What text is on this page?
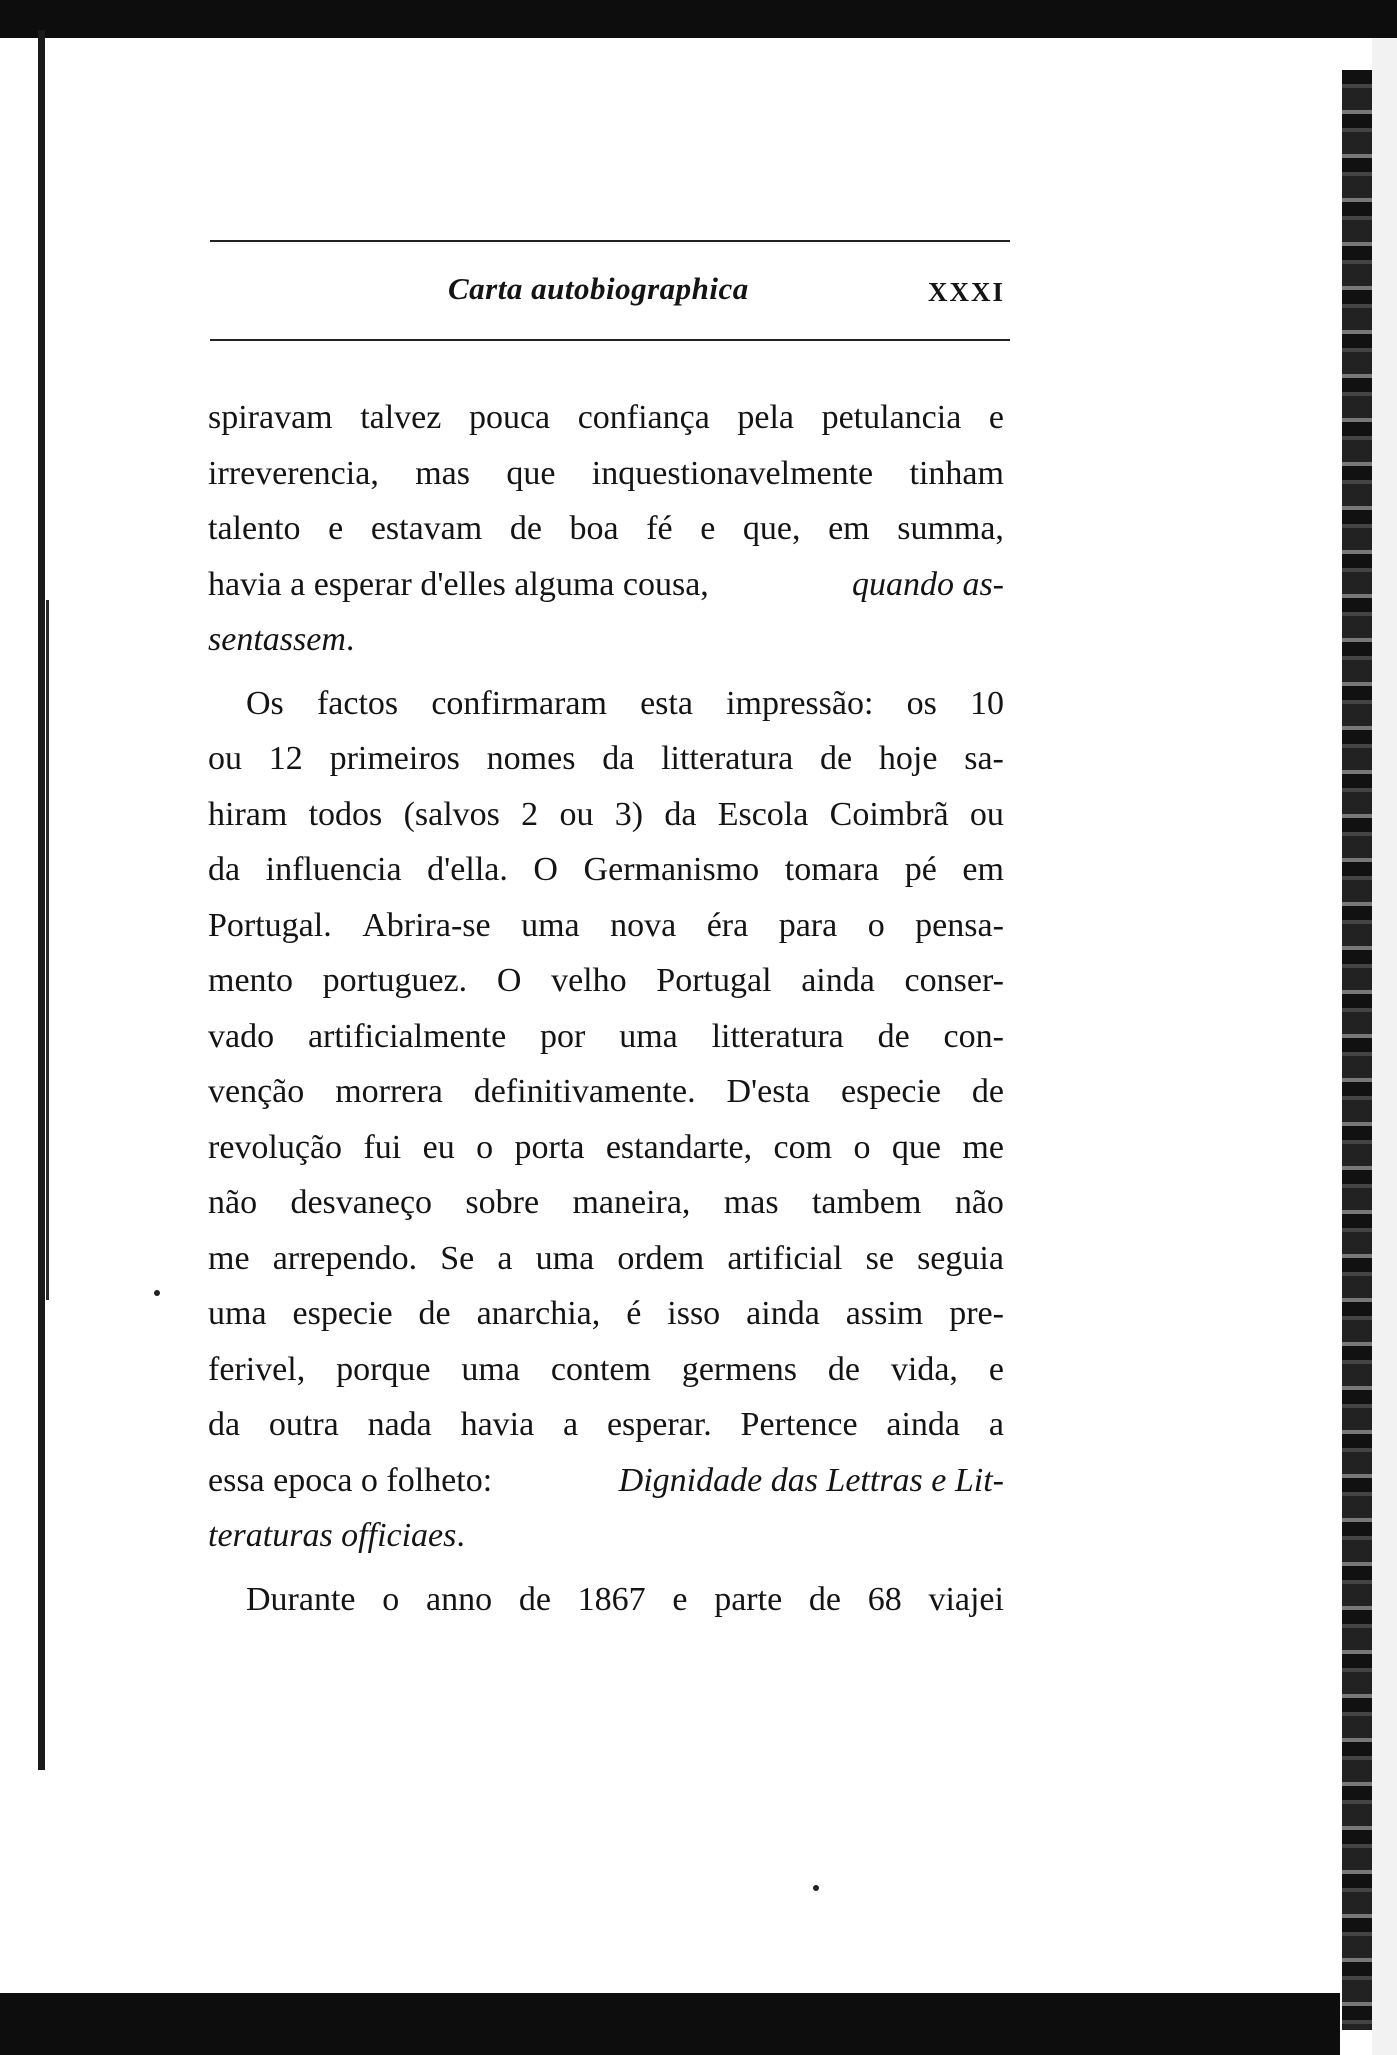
Carta autobiographica	XXXI
spiravam talvez pouca confiança pela petulancia e
irreverencia, mas que inquestionavelmente tinham
talento e estavam de boa fé e que, em summa,
havia a esperar d'elles alguma cousa,	quando as-
sentassem .
Os factos confirmaram esta impressão: os 10
ou 12 primeiros nomes da litteratura de hoje sa-
hiram todos (salvos 2 ou 3) da Escola Coimbrã ou
da influencia d'ella. O Germanismo tomara pé em
Portugal. Abrira-se uma nova éra para o pensa-
mento portuguez. O velho Portugal ainda conser-
vado artificialmente por uma litteratura de con-
venção morrera definitivamente. D'esta especie de
revolução fui eu o porta estandarte, com o que me
não desvaneço sobre maneira, mas tambem não
me arrependo. Se a uma ordem artificial se seguia
uma especie de anarchia, é isso ainda assim pre-
ferivel, porque uma contem germens de vida, e
da outra nada havia a esperar. Pertence ainda a
essa epoca o folheto:	Dignidade das Lettras e Lit-
teraturas officiaes .
Durante o anno de 1867 e parte de 68 viajei
